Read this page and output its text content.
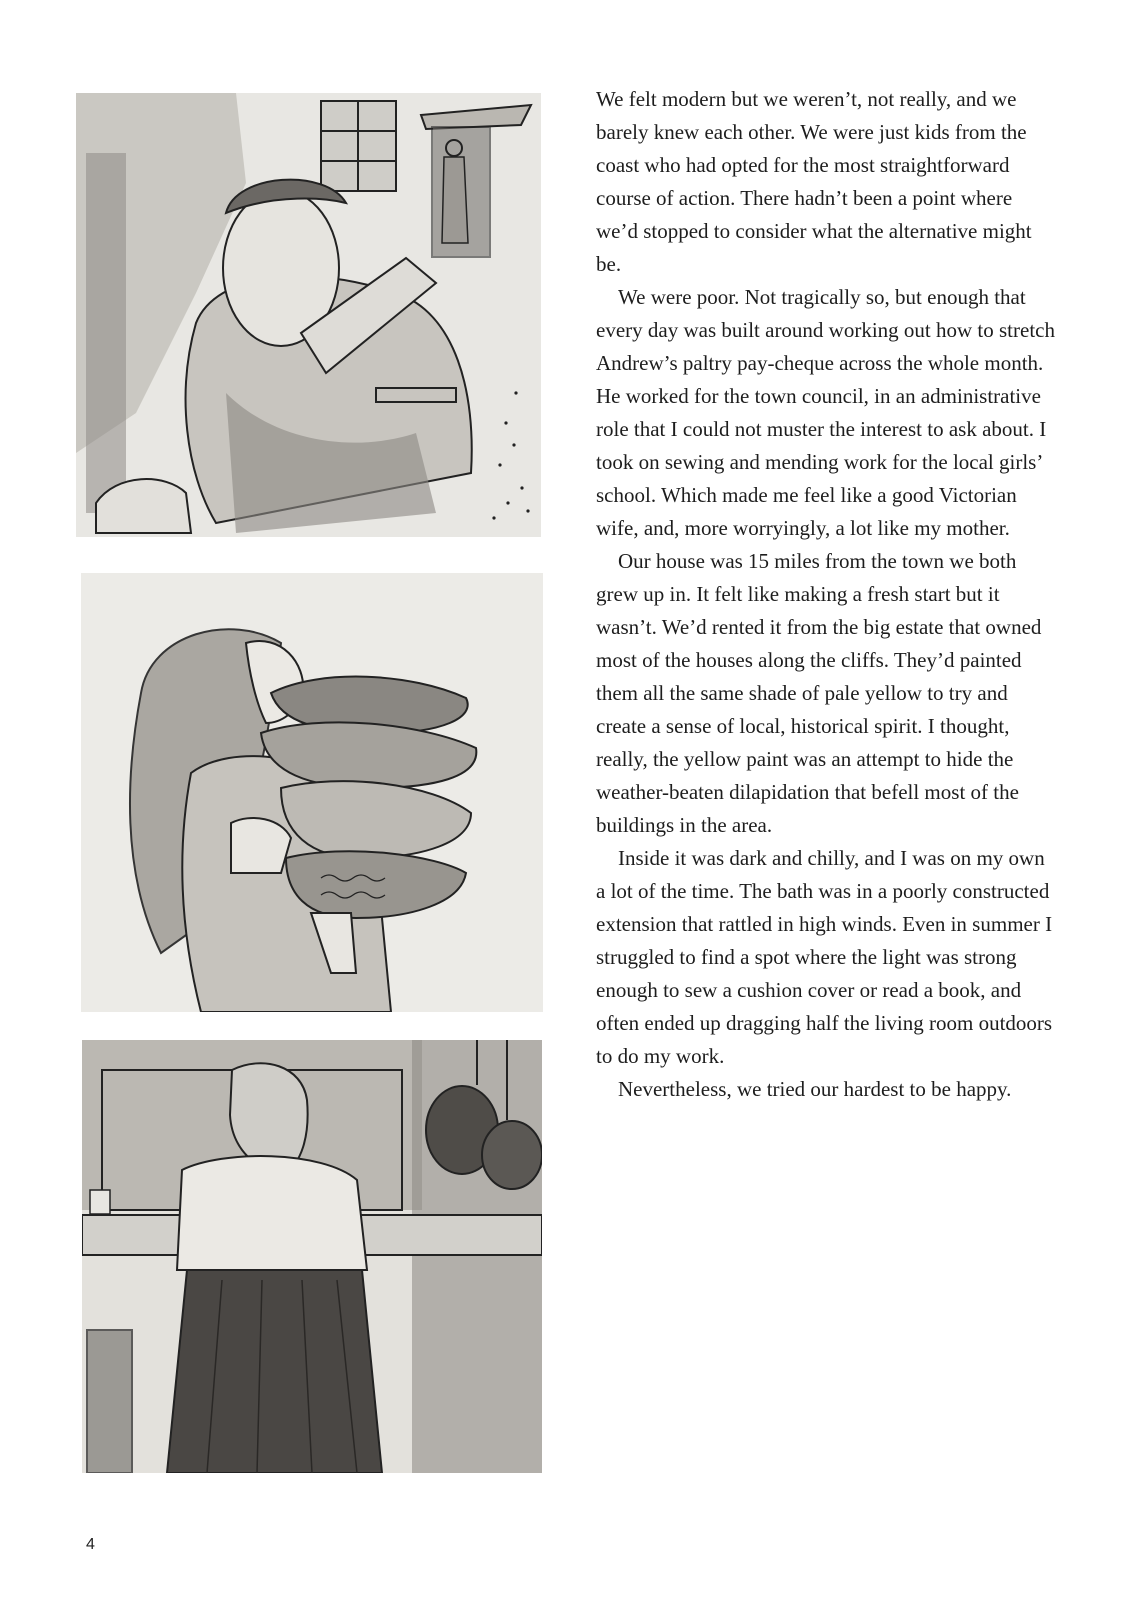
We felt modern but we weren’t, not really, and we barely knew each other. We were just kids from the coast who had opted for the most straightforward course of action. There hadn’t been a point where we’d stopped to consider what the alternative might be.

We were poor. Not tragically so, but enough that every day was built around working out how to stretch Andrew’s paltry pay-cheque across the whole month. He worked for the town council, in an administrative role that I could not muster the interest to ask about. I took on sewing and mending work for the local girls’ school. Which made me feel like a good Victorian wife, and, more worryingly, a lot like my mother.

Our house was 15 miles from the town we both grew up in. It felt like making a fresh start but it wasn’t. We’d rented it from the big estate that owned most of the houses along the cliffs. They’d painted them all the same shade of pale yellow to try and create a sense of local, historical spirit. I thought, really, the yellow paint was an attempt to hide the weather-beaten dilapidation that befell most of the buildings in the area.

Inside it was dark and chilly, and I was on my own a lot of the time. The bath was in a poorly constructed extension that rattled in high winds. Even in summer I struggled to find a spot where the light was strong enough to sew a cushion cover or read a book, and often ended up dragging half the living room outdoors to do my work.

Nevertheless, we tried our hardest to be happy.

4
